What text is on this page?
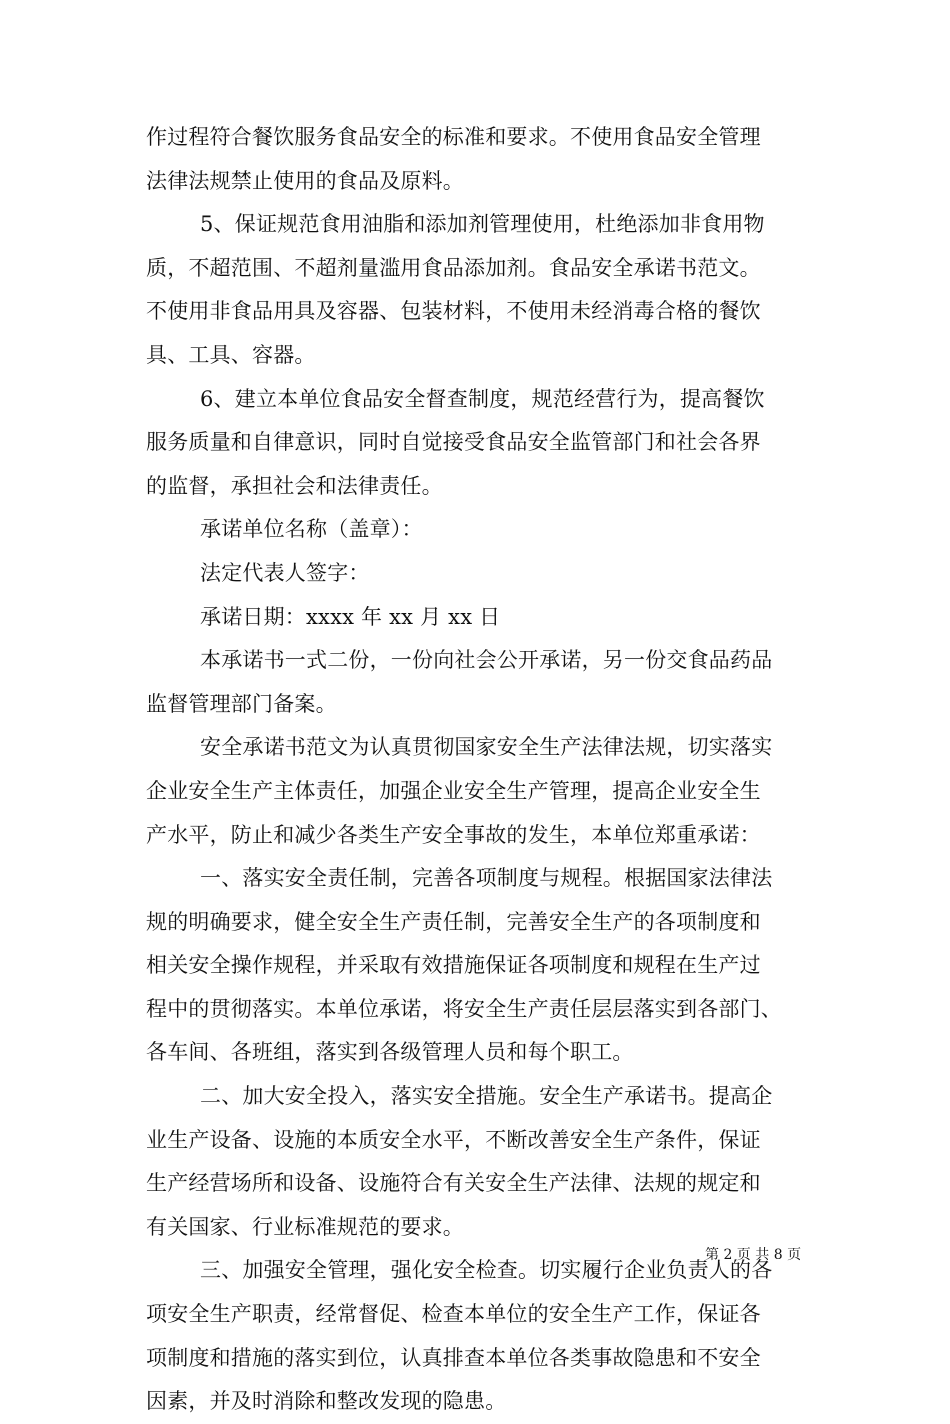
作过程符合餐饮服务食品安全的标准和要求。不使用食品安全管理
法律法规禁止使用的食品及原料。
5、保证规范食用油脂和添加剂管理使用，杜绝添加非食用物
质，不超范围、不超剂量滥用食品添加剂。食品安全承诺书范文。
不使用非食品用具及容器、包装材料，不使用未经消毒合格的餐饮
具、工具、容器。
6、建立本单位食品安全督查制度，规范经营行为，提高餐饮
服务质量和自律意识，同时自觉接受食品安全监管部门和社会各界
的监督，承担社会和法律责任。
承诺单位名称（盖章）：
法定代表人签字：
承诺日期：xxxx 年 xx 月 xx 日
本承诺书一式二份，一份向社会公开承诺，另一份交食品药品
监督管理部门备案。
安全承诺书范文为认真贯彻国家安全生产法律法规，切实落实
企业安全生产主体责任，加强企业安全生产管理，提高企业安全生
产水平，防止和减少各类生产安全事故的发生，本单位郑重承诺：
一、落实安全责任制，完善各项制度与规程。根据国家法律法
规的明确要求，健全安全生产责任制，完善安全生产的各项制度和
相关安全操作规程，并采取有效措施保证各项制度和规程在生产过
程中的贯彻落实。本单位承诺，将安全生产责任层层落实到各部门、
各车间、各班组，落实到各级管理人员和每个职工。
二、加大安全投入，落实安全措施。安全生产承诺书。提高企
业生产设备、设施的本质安全水平，不断改善安全生产条件，保证
生产经营场所和设备、设施符合有关安全生产法律、法规的规定和
有关国家、行业标准规范的要求。
三、加强安全管理，强化安全检查。切实履行企业负责人的各
项安全生产职责，经常督促、检查本单位的安全生产工作，保证各
项制度和措施的落实到位，认真排查本单位各类事故隐患和不安全
因素，并及时消除和整改发现的隐患。
第 2 页 共 8 页
